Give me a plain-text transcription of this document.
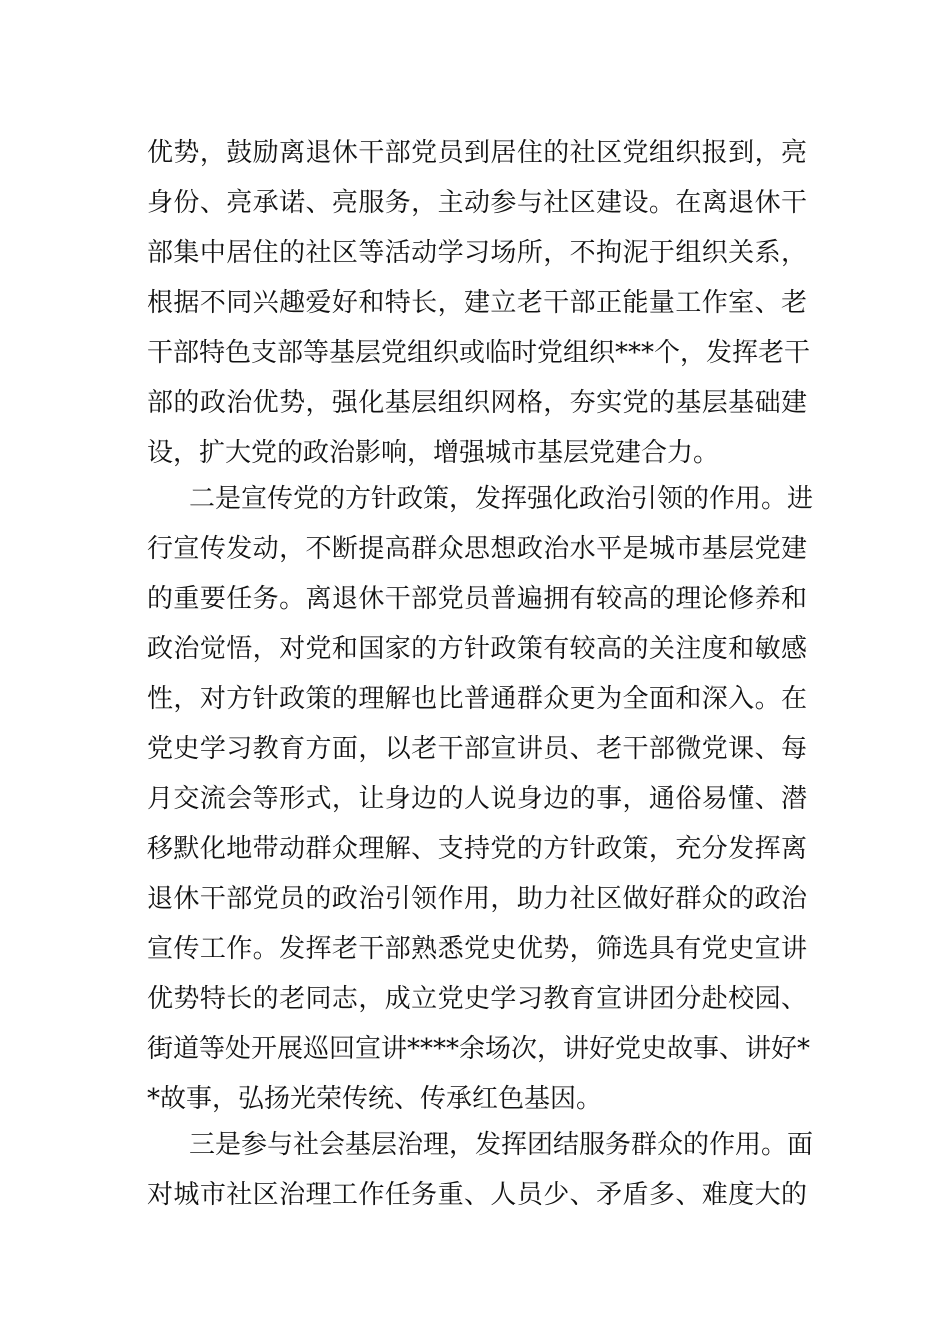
优势，鼓励离退休干部党员到居住的社区党组织报到，亮
身份、亮承诺、亮服务，主动参与社区建设。在离退休干
部集中居住的社区等活动学习场所，不拘泥于组织关系，
根据不同兴趣爱好和特长，建立老干部正能量工作室、老
干部特色支部等基层党组织或临时党组织***个，发挥老干
部的政治优势，强化基层组织网格，夯实党的基层基础建
设，扩大党的政治影响，增强城市基层党建合力。
二是宣传党的方针政策，发挥强化政治引领的作用。进
行宣传发动，不断提高群众思想政治水平是城市基层党建
的重要任务。离退休干部党员普遍拥有较高的理论修养和
政治觉悟，对党和国家的方针政策有较高的关注度和敏感
性，对方针政策的理解也比普通群众更为全面和深入。在
党史学习教育方面，以老干部宣讲员、老干部微党课、每
月交流会等形式，让身边的人说身边的事，通俗易懂、潜
移默化地带动群众理解、支持党的方针政策，充分发挥离
退休干部党员的政治引领作用，助力社区做好群众的政治
宣传工作。发挥老干部熟悉党史优势，筛选具有党史宣讲
优势特长的老同志，成立党史学习教育宣讲团分赴校园、
街道等处开展巡回宣讲****余场次，讲好党史故事、讲好*
*故事，弘扬光荣传统、传承红色基因。
三是参与社会基层治理，发挥团结服务群众的作用。面
对城市社区治理工作任务重、人员少、矛盾多、难度大的
